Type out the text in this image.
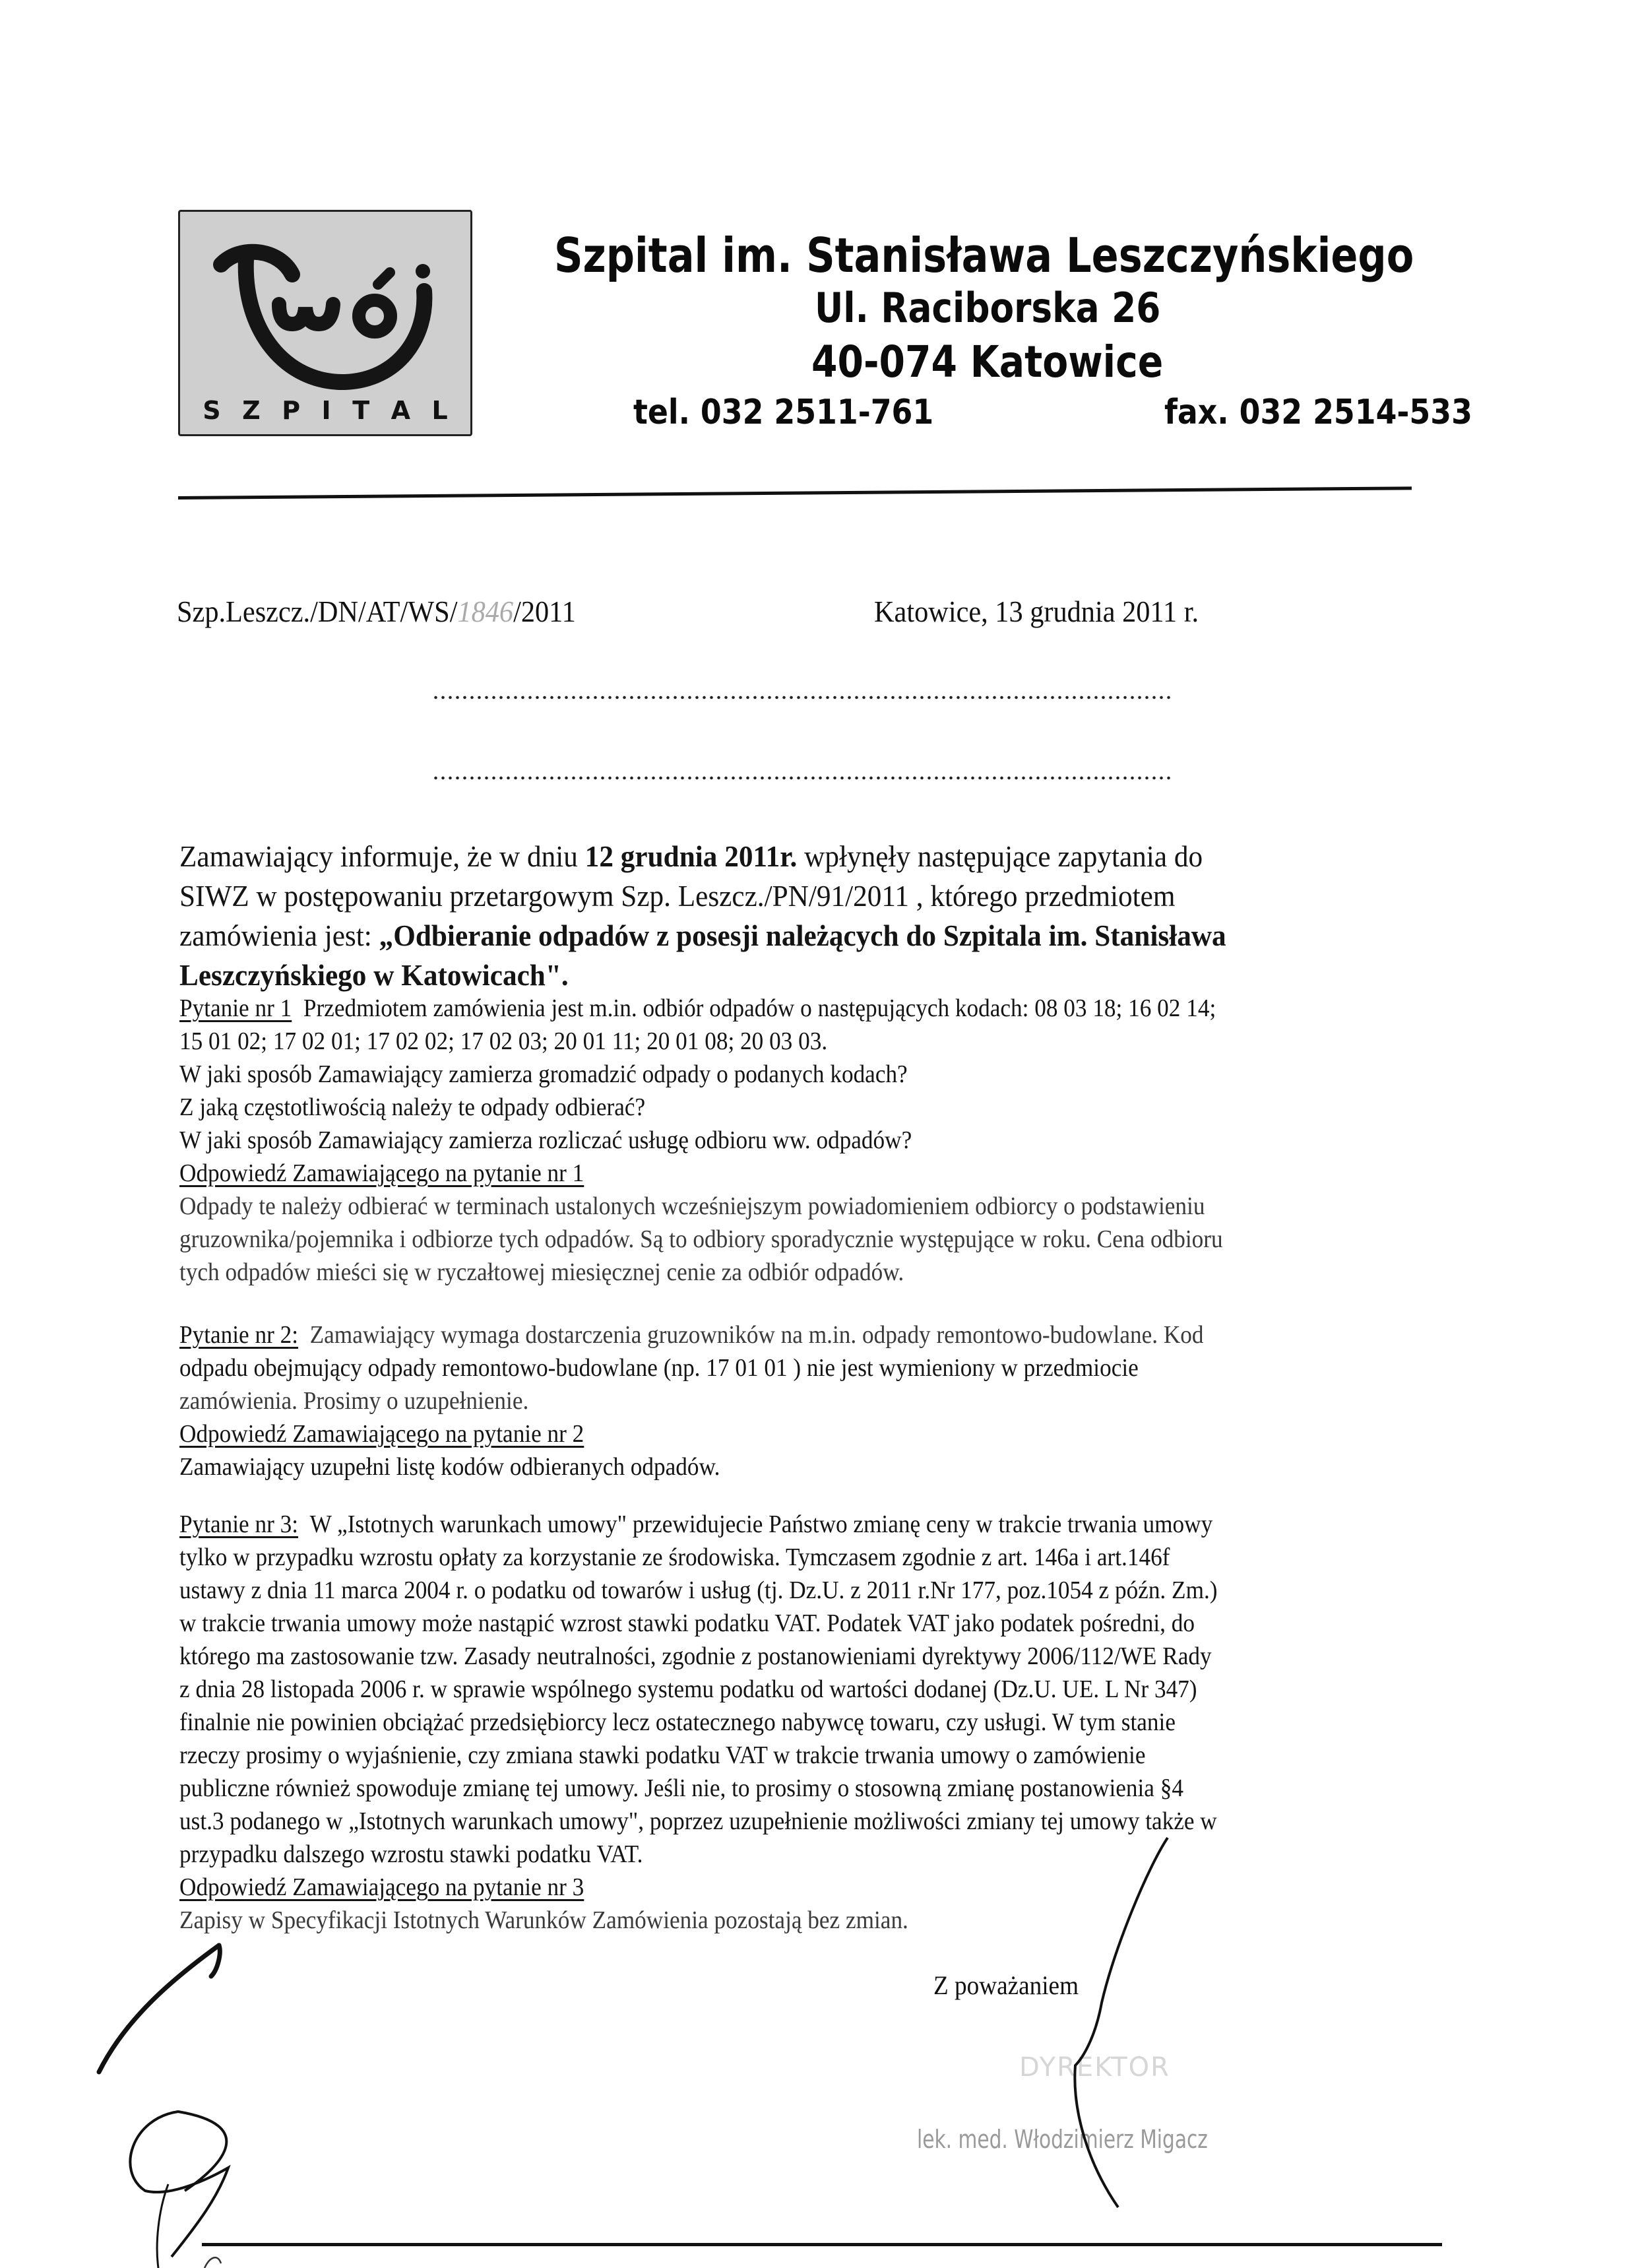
S Z P I T A L
Szpital im. Stanisława Leszczyńskiego
Ul. Raciborska 26
40-074 Katowice
tel. 032 2511-761	fax. 032 2514-533
Szp.Leszcz./DN/AT/WS/1846/2011	Katowice, 13 grudnia 2011 r.
Zamawiający informuje, że w dniu 12 grudnia 2011r. wpłynęły następujące zapytania do
SIWZ w postępowaniu przetargowym Szp. Leszcz./PN/91/2011 , którego przedmiotem
zamówienia jest: „Odbieranie odpadów z posesji należących do Szpitala im. Stanisława
Leszczyńskiego w Katowicach".
Pytanie nr 1 Przedmiotem zamówienia jest m.in. odbiór odpadów o następujących kodach: 08 03 18; 16 02 14;
15 01 02; 17 02 01; 17 02 02; 17 02 03; 20 01 11; 20 01 08; 20 03 03.
W jaki sposób Zamawiający zamierza gromadzić odpady o podanych kodach?
Z jaką częstotliwością należy te odpady odbierać?
W jaki sposób Zamawiający zamierza rozliczać usługę odbioru ww. odpadów?
Odpowiedź Zamawiającego na pytanie nr 1
Odpady te należy odbierać w terminach ustalonych wcześniejszym powiadomieniem odbiorcy o podstawieniu
gruzownika/pojemnika i odbiorze tych odpadów. Są to odbiory sporadycznie występujące w roku. Cena odbioru
tych odpadów mieści się w ryczałtowej miesięcznej cenie za odbiór odpadów.
Pytanie nr 2: Zamawiający wymaga dostarczenia gruzowników na m.in. odpady remontowo-budowlane. Kod
odpadu obejmujący odpady remontowo-budowlane (np. 17 01 01 ) nie jest wymieniony w przedmiocie
zamówienia. Prosimy o uzupełnienie.
Odpowiedź Zamawiającego na pytanie nr 2
Zamawiający uzupełni listę kodów odbieranych odpadów.
Pytanie nr 3: W „Istotnych warunkach umowy" przewidujecie Państwo zmianę ceny w trakcie trwania umowy
tylko w przypadku wzrostu opłaty za korzystanie ze środowiska. Tymczasem zgodnie z art. 146a i art.146f
ustawy z dnia 11 marca 2004 r. o podatku od towarów i usług (tj. Dz.U. z 2011 r.Nr 177, poz.1054 z późn. Zm.)
w trakcie trwania umowy może nastąpić wzrost stawki podatku VAT. Podatek VAT jako podatek pośredni, do
którego ma zastosowanie tzw. Zasady neutralności, zgodnie z postanowieniami dyrektywy 2006/112/WE Rady
z dnia 28 listopada 2006 r. w sprawie wspólnego systemu podatku od wartości dodanej (Dz.U. UE. L Nr 347)
finalnie nie powinien obciążać przedsiębiorcy lecz ostatecznego nabywcę towaru, czy usługi. W tym stanie
rzeczy prosimy o wyjaśnienie, czy zmiana stawki podatku VAT w trakcie trwania umowy o zamówienie
publiczne również spowoduje zmianę tej umowy. Jeśli nie, to prosimy o stosowną zmianę postanowienia §4
ust.3 podanego w „Istotnych warunkach umowy", poprzez uzupełnienie możliwości zmiany tej umowy także w
przypadku dalszego wzrostu stawki podatku VAT.
Odpowiedź Zamawiającego na pytanie nr 3
Zapisy w Specyfikacji Istotnych Warunków Zamówienia pozostają bez zmian.
Z poważaniem
DYREKTOR
lek. med. Włodzimierz Migacz
